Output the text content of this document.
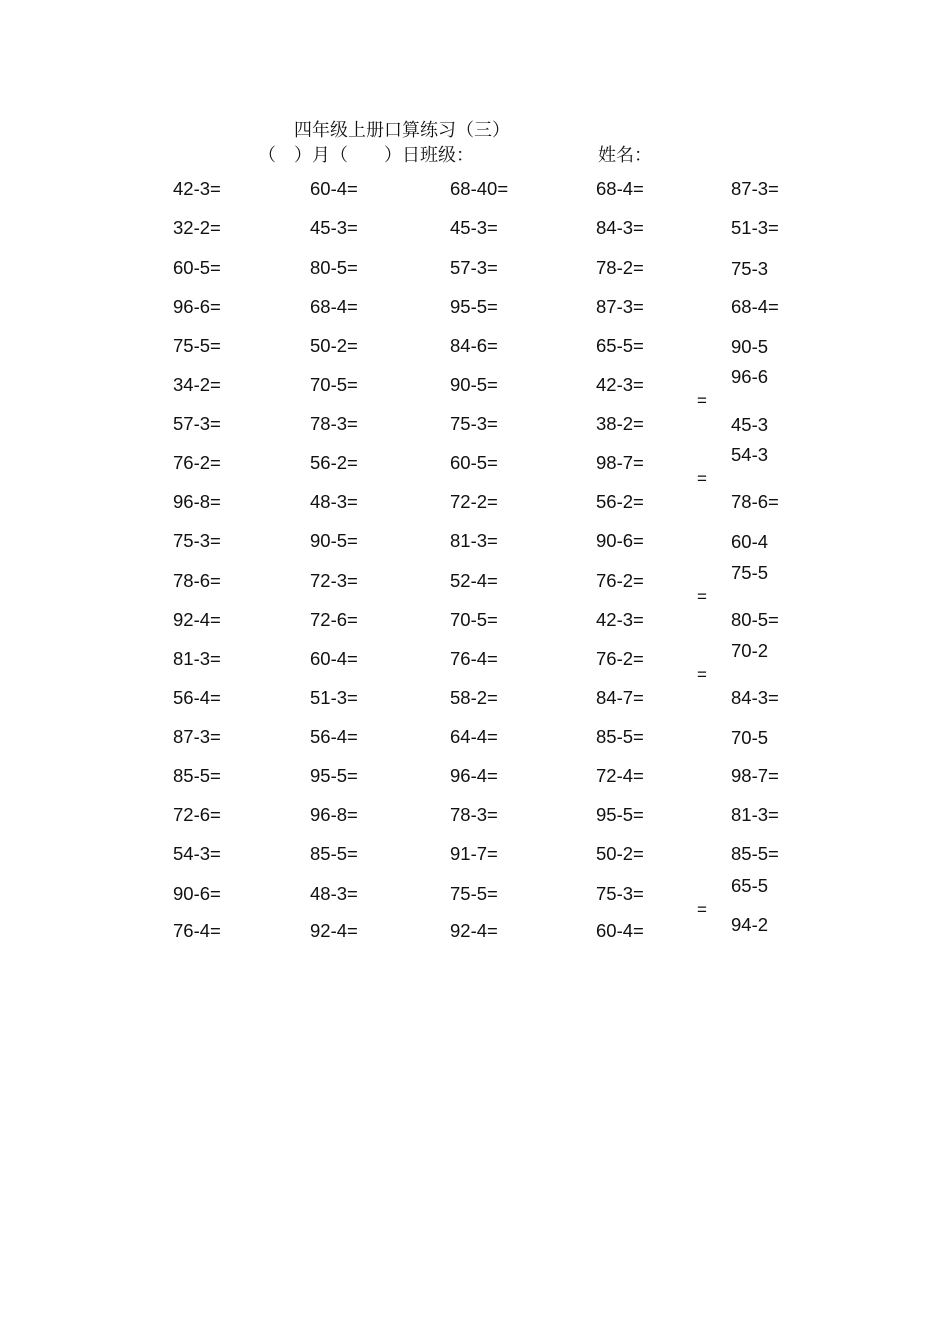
四年级上册口算练习（三）
（　）月（　　）日班级：	姓名：
42-3=
32-2=
60-5=
96-6=
75-5=
34-2=
57-3=
76-2=
96-8=
75-3=
78-6=
92-4=
81-3=
56-4=
87-3=
85-5=
72-6=
54-3=
90-6=
76-4=
60-4=
45-3=
80-5=
68-4=
50-2=
70-5=
78-3=
56-2=
48-3=
90-5=
72-3=
72-6=
60-4=
51-3=
56-4=
95-5=
96-8=
85-5=
48-3=
92-4=
68-40=
45-3=
57-3=
95-5=
84-6=
90-5=
75-3=
60-5=
72-2=
81-3=
52-4=
70-5=
76-4=
58-2=
64-4=
96-4=
78-3=
91-7=
75-5=
92-4=
68-4=
84-3=
78-2=
87-3=
65-5=
42-3=
38-2=
98-7=
56-2=
90-6=
76-2=
42-3=
76-2=
84-7=
85-5=
72-4=
95-5=
50-2=
75-3=
60-4=
87-3=
51-3=
75-3
68-4=
90-5
96-6
45-3
54-3
78-6=
60-4
75-5
80-5=
70-2
84-3=
70-5
98-7=
81-3=
85-5=
65-5
94-2
=
=
=
=
=
